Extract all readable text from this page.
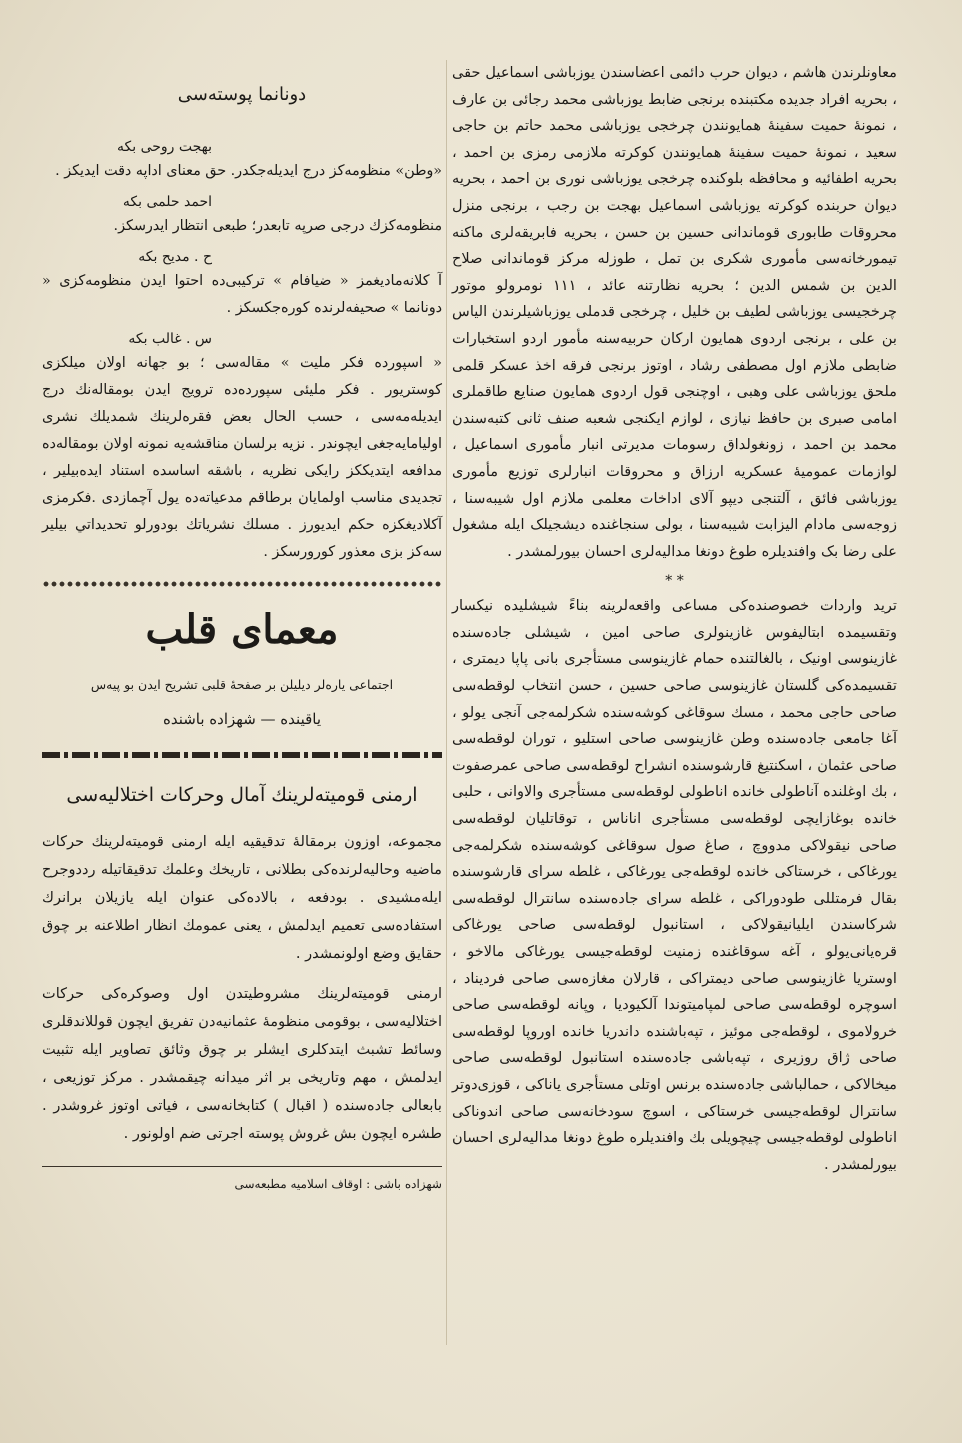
معاونلرندن هاشم ، دیوان حرب دائمی اعضاسندن یوزباشی اسماعیل حقی ، بحریه افراد جدیده مکتبنده برنجی ضابط یوزباشی محمد رجائی بن عارف ، نمونهٔ حمیت سفینهٔ همایونندن چرخجی یوزباشی محمد حاتم بن حاجی سعید ، نمونهٔ حمیت سفینهٔ همایونندن کوکرته ملازمی رمزی بن احمد ، بحریه اطفائیه و محافظه بلوکنده چرخجی یوزباشی نوری بن احمد ، بحریه دیوان حربنده کوکرته یوزباشی اسماعیل بهجت بن رجب ، برنجی منزل محروقات طابوری قوماندانی حسین بن حسن ، بحریه فابریقه‌لری ماکنه تیمورخانه‌سی مأموری شکری بن تمل ، طوزله مرکز قوماندانی صلاح الدین بن شمس الدین ؛ بحریه نظارتنه عائد ، ۱۱۱ نومرولو موتور چرخجیسی یوزباشی لطیف بن خلیل ، چرخجی قدملی یوزباشیلرندن الیاس بن علی ، برنجی اردوی همایون ارکان حربیه‌سنه مأمور اردو استخبارات ضابطی ملازم اول مصطفی رشاد ، اوتوز برنجی فرقه اخذ عسکر قلمی ملحق یوزباشی علی وهبی ، اوچنجی قول اردوی همایون صنایع طاقملری امامی صبری بن حافظ نیازی ، لوازم ایکنجی شعبه صنف ثانی کتبه‌سندن محمد بن احمد ، زونغولداق رسومات مدیرتی انبار مأموری اسماعیل ، لوازمات عمومیهٔ عسکریه ارزاق و محروقات انبارلری توزیع مأموری یوزباشی فائق ، آلتنجی دیپو آلای اداخات معلمی ملازم اول شیبه‌سنا ، زوجه‌سی مادام الیزابت شیبه‌سنا ، بولی سنجاغنده دیشجیلک ایله مشغول علی رضا بک وافندیلره طوغ دونغا مدالیه‌لری احسان بیورلمشدر .

* *

ترید واردات خصوصنده‌کی مساعی واقعه‌لرینه بناءً شیشلیده نیکسار وتقسیمده ابتالیفوس غازینولری صاحی امین ، شیشلی جاده‌سنده غازینوسی اونیک ، بالغالتنده حمام غازینوسی مستأجری بانی پاپا دیمتری ، تقسیمده‌کی گلستان غازینوسی صاحی حسین ، حسن انتخاب لوقطه‌سی صاحی حاجی محمد ، مسك سوقاغی کوشه‌سنده شکرلمه‌جی آنجی یولو ، آغا جامعی جاده‌سنده وطن غازینوسی صاحی استلیو ، توران لوقطه‌سی صاحی عثمان ، اسکنتیغ قارشوسنده انشراح لوقطه‌سی صاحی عمرصفوت ، بك اوغلنده آناطولی خانده اناطولی لوقطه‌سی مستأجری والاوانی ، حلبی خانده بوغازایچی لوقطه‌سی مستأجری اناناس ، توقاتلیان لوقطه‌سی صاحی نیقولاکی مدووچ ، صاغ صول سوقاغی کوشه‌سنده شکرلمه‌جی یورغاکی ، خرستاکی خانده لوقطه‌جی یورغاکی ، غلطه سرای قارشوسنده بقال فرمتللی طودوراکی ، غلطه سرای جاده‌سنده سانترال لوقطه‌سی شرکاسندن ایلیانیقولاکی ، استانبول لوقطه‌سی صاحی یورغاکی قره‌یانی‌یولو ، آغه سوقاغنده زمنیت لوقطه‌جیسی یورغاکی مالاخو ، اوستریا غازینوسی صاحی دیمتراکی ، قارلان مغازه‌سی صاحی فردیناد ، اسوچره لوقطه‌سی صاحی لمپامیتوندا آلکیودیا ، وپانه لوقطه‌سی صاحی خرولاموی ، لوقطه‌جی موئیز ، تپه‌باشنده داندریا خانده اوروپا لوقطه‌سی صاحی ژاق روزیری ، تپه‌باشی جاده‌سنده استانبول لوقطه‌سی صاحی میخالاکی ، حمالباشی جاده‌سنده برنس اوتلی مستأجری یاناکی ، قوزی‌دوتر سانترال لوقطه‌جیسی خرستاکی ، اسوچ سودخانه‌سی صاحی اندوناکی اناطولی لوقطه‌جیسی چیچویلی بك وافندیلره طوغ دونغا مدالیه‌لری احسان بیورلمشدر .

دونانما پوسته‌سی
بهجت روحی بکه

«وطن» منظومه‌کز درج ایدیله‌جکدر. حق معنای اداپه دقت ایدیکز .

احمد حلمی بکه

منظومه‌کزك درجی صرپه تابعدر؛ طبعی انتظار ایدرسکز.

ح . مدیح بکه

آ کلانه‌مادیغمز « ضیافام » ترکیبی‌ده احتوا ایدن منظومه‌کزی « دونانما » صحیفه‌لرنده کوره‌جکسکز .

س . غالب بکه

« اسپورده فکر ملیت » مقاله‌سی ؛ بو جهانه اولان میلکزی کوستریور . فکر ملیئی سپورده‌ده ترویج ایدن بومقاله‌نك درج ایدیله‌مه‌سی ، حسب الحال بعض فقره‌لرینك شمدیلك نشری اولیامایه‌جغی ایچوندر . نزیه برلسان مناقشه‌یه نمونه اولان بومقاله‌ده مدافعه ایتدیککز رایکی نظریه ، باشقه اساسده استناد ایده‌بیلیر ، تجدیدی مناسب اولمایان برطاقم مدعیاته‌ده یول آچمازدی .فکرمزی آکلادیغکزه حکم ایدیورز . مسلك نشرياتك بودورلو تحديداتي بيلير سه‌کز بزی معذور کورورسکز .

معمای قلب
اجتماعی یاره‌لر دیلیلن بر صفحهٔ قلبی تشریح ایدن بو پیه‌س
یاقینده — شهزاده باشنده
ارمنی قومیته‌لرینك آمال وحرکات اختلالیه‌سی

مجموعه، اوزون برمقالهٔ تدقیقیه ایله ارمنی قومیته‌لرینك حرکات ماضیه وحالیه‌لرنده‌کی بطلانی ، تاریخك وعلمك تدقیقاتیله رددوجرح ایله‌مشیدی . بودفعه ، بالاده‌کی عنوان ایله یازیلان برانرك استفاده‌سی تعمیم ایدلمش ، یعنی عمومك انظار اطلاعنه بر چوق حقایق وضع اولونمشدر .

ارمنی قومیته‌لرینك مشروطیتدن اول وصوکره‌کی حرکات اختلالیه‌سی ، بوقومی منظومهٔ عثمانیه‌دن تفریق ایچون قوللاندقلری وسائط تشبث ایتدکلری ایشلر بر چوق وثائق تصاویر ایله تثبیت ایدلمش ، مهم وتاریخی بر اثر میدانه چیقمشدر . مرکز توزیعی ، بابعالی جاده‌سنده ( اقبال ) کتابخانه‌سی ، فیاتی اوتوز غروشدر . طشره ایچون بش غروش پوسته اجرتی ضم اولونور .

شهزاده باشی : اوقاف اسلامیه مطبعه‌سی
